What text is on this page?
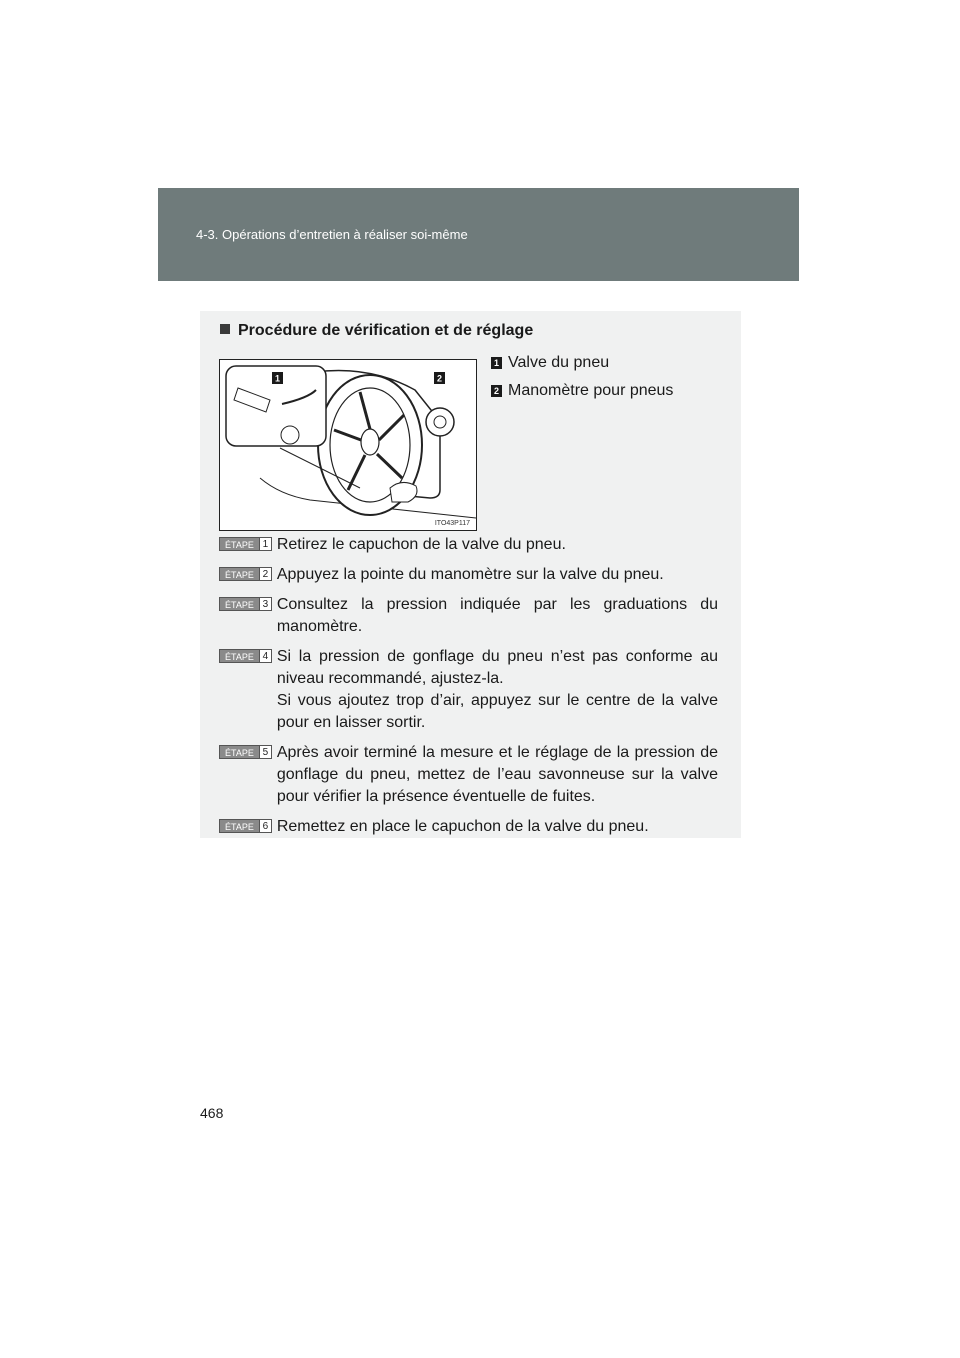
4-3. Opérations d’entretien à réaliser soi-même
Procédure de vérification et de réglage
1	2
ITO43P117
1 Valve du pneu
2 Manomètre pour pneus
ÉTAPE 1 Retirez le capuchon de la valve du pneu.
ÉTAPE 2 Appuyez la pointe du manomètre sur la valve du pneu.
ÉTAPE 3 Consultez la pression indiquée par les graduations du manomètre.
ÉTAPE 4 Si la pression de gonflage du pneu n’est pas conforme au niveau recommandé, ajustez-la.
Si vous ajoutez trop d’air, appuyez sur le centre de la valve pour en laisser sortir.
ÉTAPE 5 Après avoir terminé la mesure et le réglage de la pression de gonflage du pneu, mettez de l’eau savonneuse sur la valve pour vérifier la présence éventuelle de fuites.
ÉTAPE 6 Remettez en place le capuchon de la valve du pneu.
468
